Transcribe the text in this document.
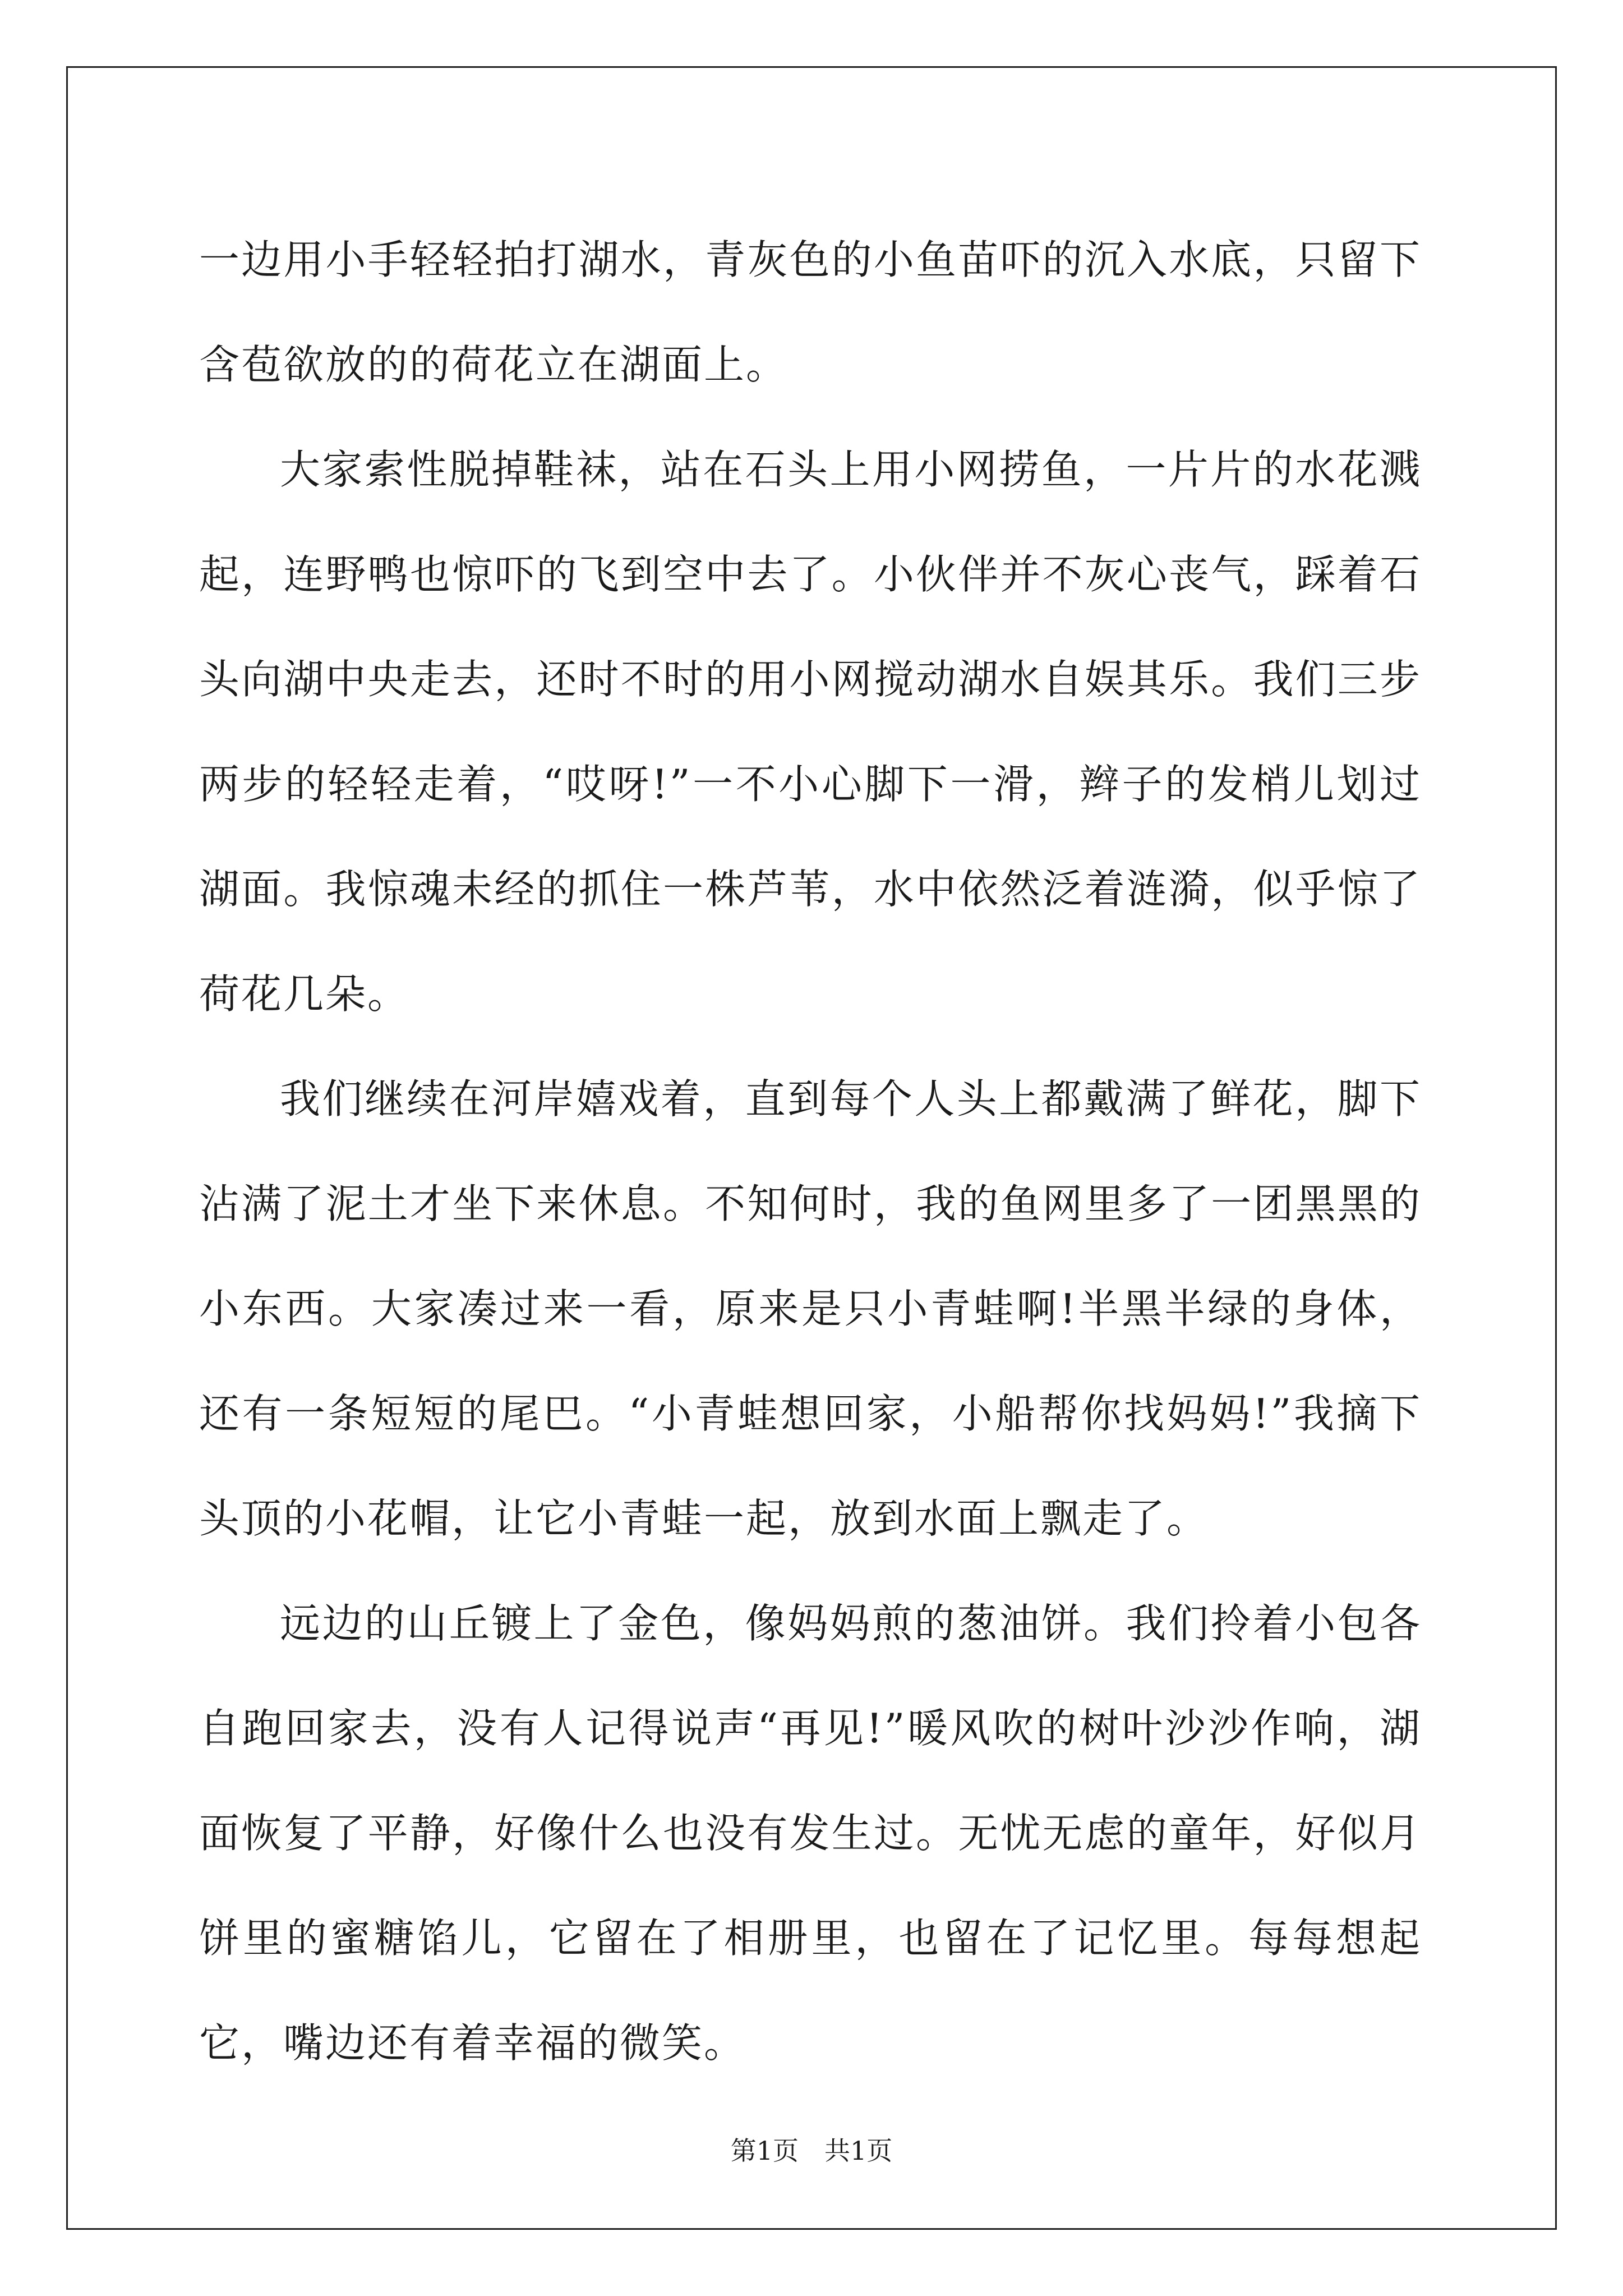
一边用小手轻轻拍打湖水，青灰色的小鱼苗吓的沉入水底，只留下含苞欲放的的荷花立在湖面上。

大家索性脱掉鞋袜，站在石头上用小网捞鱼，一片片的水花溅起，连野鸭也惊吓的飞到空中去了。小伙伴并不灰心丧气，踩着石头向湖中央走去，还时不时的用小网搅动湖水自娱其乐。我们三步两步的轻轻走着，“哎呀!”一不小心脚下一滑，辫子的发梢儿划过湖面。我惊魂未经的抓住一株芦苇，水中依然泛着涟漪，似乎惊了荷花几朵。

我们继续在河岸嬉戏着，直到每个人头上都戴满了鲜花，脚下沾满了泥土才坐下来休息。不知何时，我的鱼网里多了一团黑黑的小东西。大家凑过来一看，原来是只小青蛙啊!半黑半绿的身体，还有一条短短的尾巴。“小青蛙想回家，小船帮你找妈妈!”我摘下头顶的小花帽，让它小青蛙一起，放到水面上飘走了。

远边的山丘镀上了金色，像妈妈煎的葱油饼。我们拎着小包各自跑回家去，没有人记得说声“再见!”暖风吹的树叶沙沙作响，湖面恢复了平静，好像什么也没有发生过。无忧无虑的童年，好似月饼里的蜜糖馅儿，它留在了相册里，也留在了记忆里。每每想起它，嘴边还有着幸福的微笑。

第1页　共1页
